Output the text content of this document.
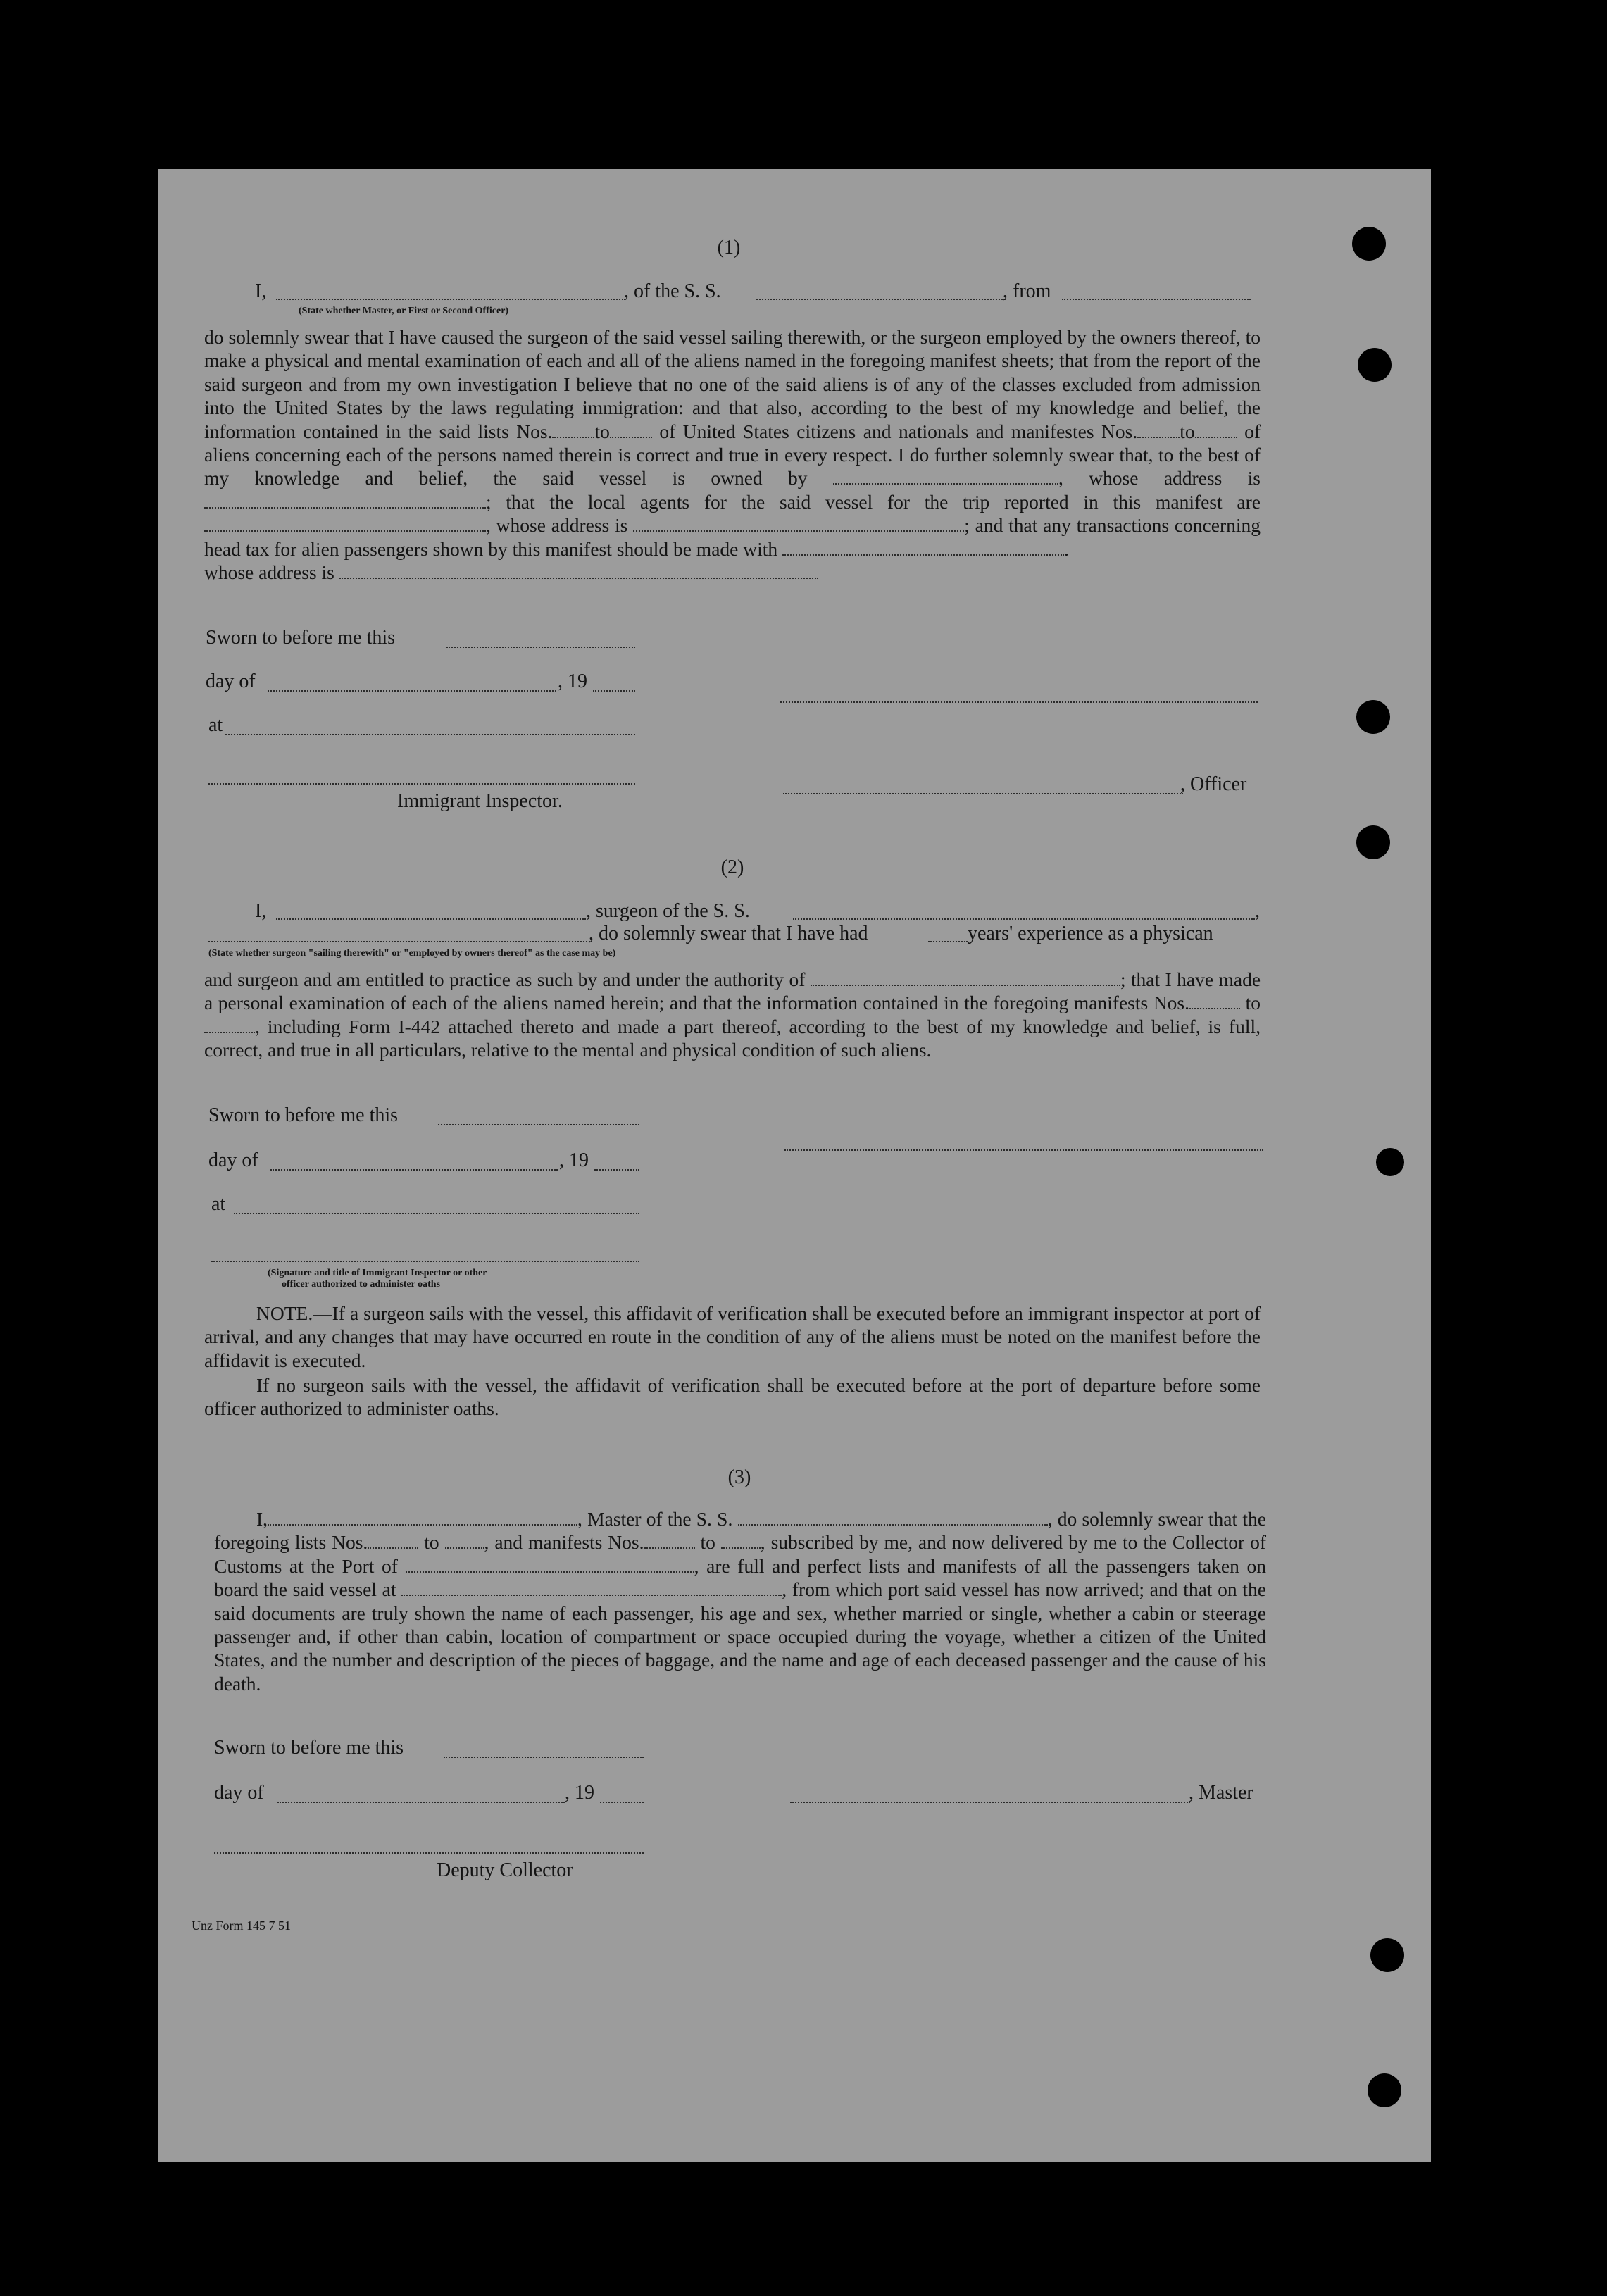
(1)
I,	, of the S. S.	, from
(State whether Master, or First or Second Officer)

do solemnly swear that I have caused the surgeon of the said vessel sailing therewith, or the surgeon employed by the owners thereof, to make a physical and mental examination of each and all of the aliens named in the foregoing manifest sheets; that from the report of the said surgeon and from my own investigation I believe that no one of the said aliens is of any of the classes excluded from admission into the United States by the laws regulating immigration: and that also, according to the best of my knowledge and belief, the information contained in the said lists Nos. to	of United States citizens and nationals and manifestes Nos. to	of aliens concerning each of the persons named therein is correct and true in every respect. I do further solemnly swear that, to the best of my knowledge and belief, the said vessel is owned by	, whose address is ; that the local agents for the said vessel for the trip reported in this manifest are , whose address is	; and that any transactions concerning head tax for alien passengers shown by this manifest should be made with	.
whose address is

Sworn to before me this
day of	, 19
at
, Officer
Immigrant Inspector.
(2)
I,	, surgeon of the S. S.	,
, do solemnly swear that I have had	years' experience as a physican
(State whether surgeon "sailing therewith" or "employed by owners thereof" as the case may be)

and surgeon and am entitled to practice as such by and under the authority of	; that I have made a personal examination of each of the aliens named herein; and that the information contained in the foregoing manifests Nos.	to, including Form I-442 attached thereto and made a part thereof, according to the best of my knowledge and belief, is full, correct, and true in all particulars, relative to the mental and physical condition of such aliens.

Sworn to before me this
day of	, 19
at
(Signature and title of Immigrant Inspector or other
officer authorized to administer oaths

NOTE.—If a surgeon sails with the vessel, this affidavit of verification shall be executed before an immigrant inspector at port of arrival, and any changes that may have occurred en route in the condition of any of the aliens must be noted on the manifest before the affidavit is executed.

If no surgeon sails with the vessel, the affidavit of verification shall be executed before at the port of departure before some officer authorized to administer oaths.

(3)

I,	, Master of the S. S.	, do solemnly swear that the foregoing lists Nos.	to , and manifests Nos.	to , subscribed by me, and now delivered by me to the Collector of Customs at the Port of	, are full and perfect lists and manifests of all the passengers taken on board the said vessel at	, from which port said vessel has now arrived; and that on the said documents are truly shown the name of each passenger, his age and sex, whether married or single, whether a cabin or steerage passenger and, if other than cabin, location of compartment or space occupied during the voyage, whether a citizen of the United States, and the number and description of the pieces of baggage, and the name and age of each deceased passenger and the cause of his death.

Sworn to before me this
day of	, 19	, Master
Deputy Collector
Unz Form 145 7 51
